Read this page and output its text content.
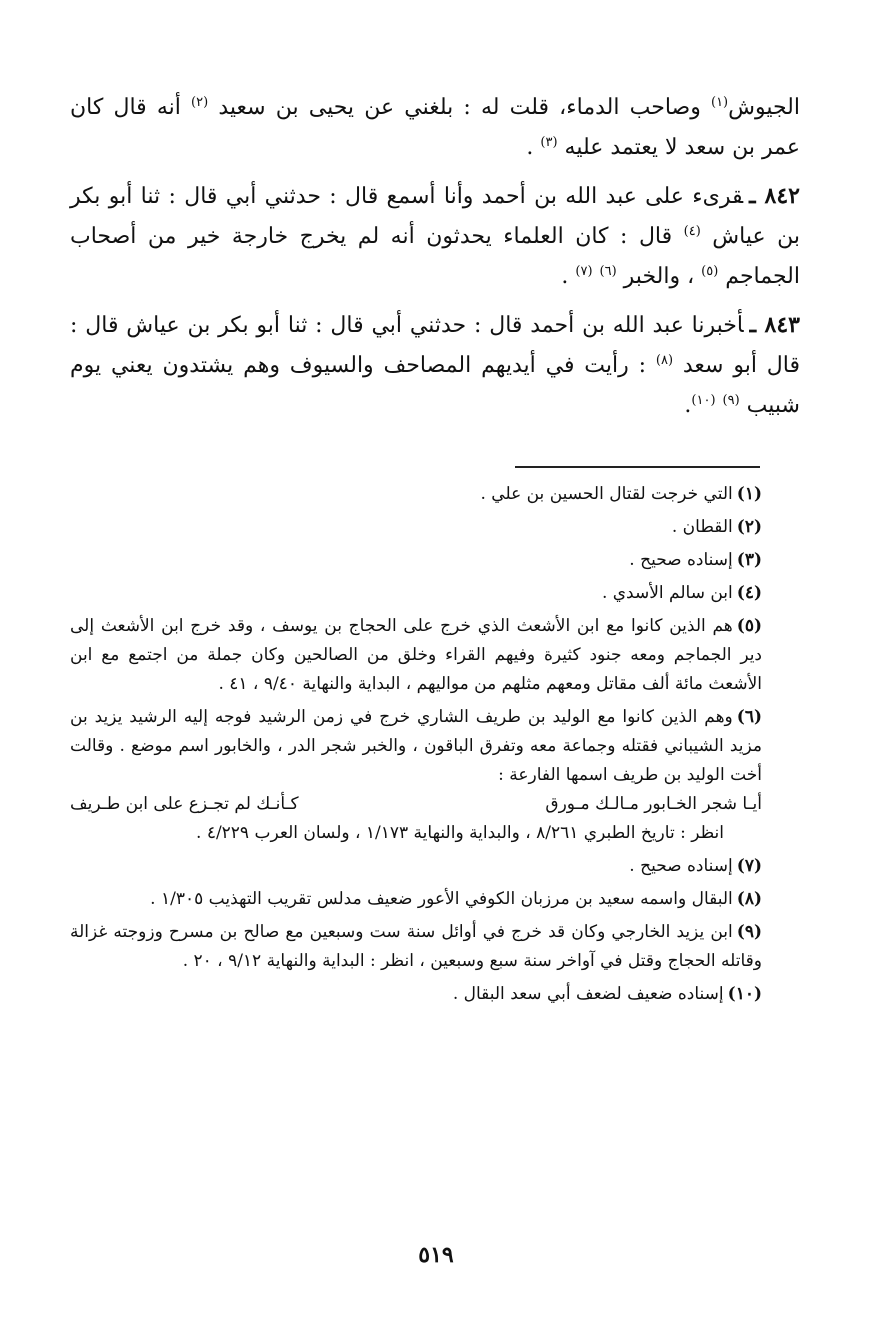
الجيوش$^{(١)}$ وصاحب الدماء، قلت له : بلغني عن يحيى بن سعيد $^{(٢)}$ أنه قال كان عمر بن سعد لا يعتمد عليه $^{(٣)}$ .

٨٤٢ ـقرىء على عبد الله بن أحمد وأنا أسمع قال : حدثني أبي قال : ثنا أبو بكر بن عياش $^{(٤)}$ قال : كان العلماء يحدثون أنه لم يخرج خارجة خير من أصحاب الجماجم $^{(٥)}$ ، والخبر $^{(٦)}$ $^{(٧)}$ .

٨٤٣ ـأخبرنا عبد الله بن أحمد قال : حدثني أبي قال : ثنا أبو بكر بن عياش قال : قال أبو سعد $^{(٨)}$ : رأيت في أيديهم المصاحف والسيوف وهم يشتدون يعني يوم شبيب $^{(٩)}$ $^{(١٠)}$.

(١)التي خرجت لقتال الحسين بن علي .

(٢)القطان .

(٣)إسناده صحيح .

(٤)ابن سالم الأسدي .

(٥)هم الذين كانوا مع ابن الأشعث الذي خرج على الحجاج بن يوسف ، وقد خرج ابن الأشعث إلى دير الجماجم ومعه جنود كثيرة وفيهم القراء وخلق من الصالحين وكان جملة من اجتمع مع ابن الأشعث مائة ألف مقاتل ومعهم مثلهم من مواليهم ، البداية والنهاية ٩/٤٠ ، ٤١ .

(٦)وهم الذين كانوا مع الوليد بن طريف الشاري خرج في زمن الرشيد فوجه إليه الرشيد يزيد بن مزيد الشيباني فقتله وجماعة معه وتفرق الباقون ، والخبر شجر الدر ، والخابور اسم موضع . وقالت أخت الوليد بن طريف اسمها الفارعة :

أيـا شجر الخـابور مـالـك مـورق
كـأنـك لم تجـزع على ابن طـريف

انظر : تاريخ الطبري ٨/٢٦١ ، والبداية والنهاية ١/١٧٣ ، ولسان العرب ٤/٢٢٩ .

(٧)إسناده صحيح .

(٨)البقال واسمه سعيد بن مرزبان الكوفي الأعور ضعيف مدلس تقريب التهذيب ١/٣٠٥ .

(٩)ابن يزيد الخارجي وكان قد خرج في أوائل سنة ست وسبعين مع صالح بن مسرح وزوجته غزالة وقاتله الحجاج وقتل في آواخر سنة سبع وسبعين ، انظر : البداية والنهاية ٩/١٢ ، ٢٠ .

(١٠)إسناده ضعيف لضعف أبي سعد البقال .

٥١٩
